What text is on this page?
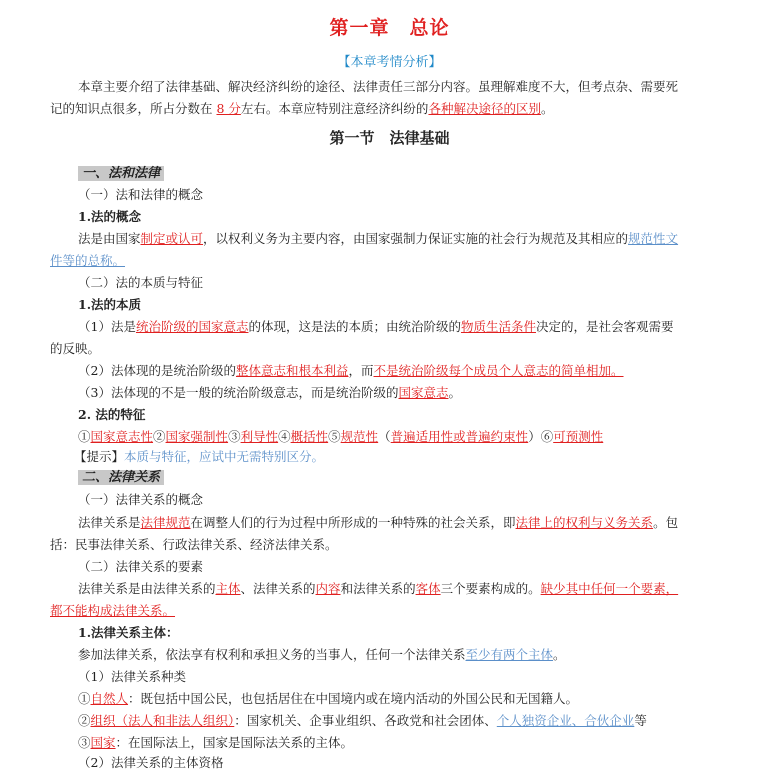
第一章　总论
【本章考情分析】
本章主要介绍了法律基础、解决经济纠纷的途径、法律责任三部分内容。虽理解难度不大，但考点杂、需要死
记的知识点很多，所占分数在 8 分左右。本章应特别注意经济纠纷的各种解决途径的区别。
第一节　法律基础
一、法和法律
（一）法和法律的概念
1.法的概念
法是由国家制定或认可，以权利义务为主要内容，由国家强制力保证实施的社会行为规范及其相应的规范性文
件等的总称。
（二）法的本质与特征
1.法的本质
（1）法是统治阶级的国家意志的体现，这是法的本质；由统治阶级的物质生活条件决定的，是社会客观需要
的反映。
（2）法体现的是统治阶级的整体意志和根本利益，而不是统治阶级每个成员个人意志的简单相加。
（3）法体现的不是一般的统治阶级意志，而是统治阶级的国家意志。
2. 法的特征
①国家意志性②国家强制性③利导性④概括性⑤规范性（普遍适用性或普遍约束性）⑥可预测性
【提示】本质与特征，应试中无需特别区分。
二、法律关系
（一）法律关系的概念
法律关系是法律规范在调整人们的行为过程中所形成的一种特殊的社会关系，即法律上的权利与义务关系。包
括：民事法律关系、行政法律关系、经济法律关系。
（二）法律关系的要素
法律关系是由法律关系的主体、法律关系的内容和法律关系的客体三个要素构成的。缺少其中任何一个要素，
都不能构成法律关系。
1.法律关系主体：
参加法律关系，依法享有权利和承担义务的当事人，任何一个法律关系至少有两个主体。
（1）法律关系种类
①自然人：既包括中国公民，也包括居住在中国境内或在境内活动的外国公民和无国籍人。
②组织（法人和非法人组织）：国家机关、企事业组织、各政党和社会团体、个人独资企业、合伙企业等
③国家：在国际法上，国家是国际法关系的主体。
（2）法律关系的主体资格
